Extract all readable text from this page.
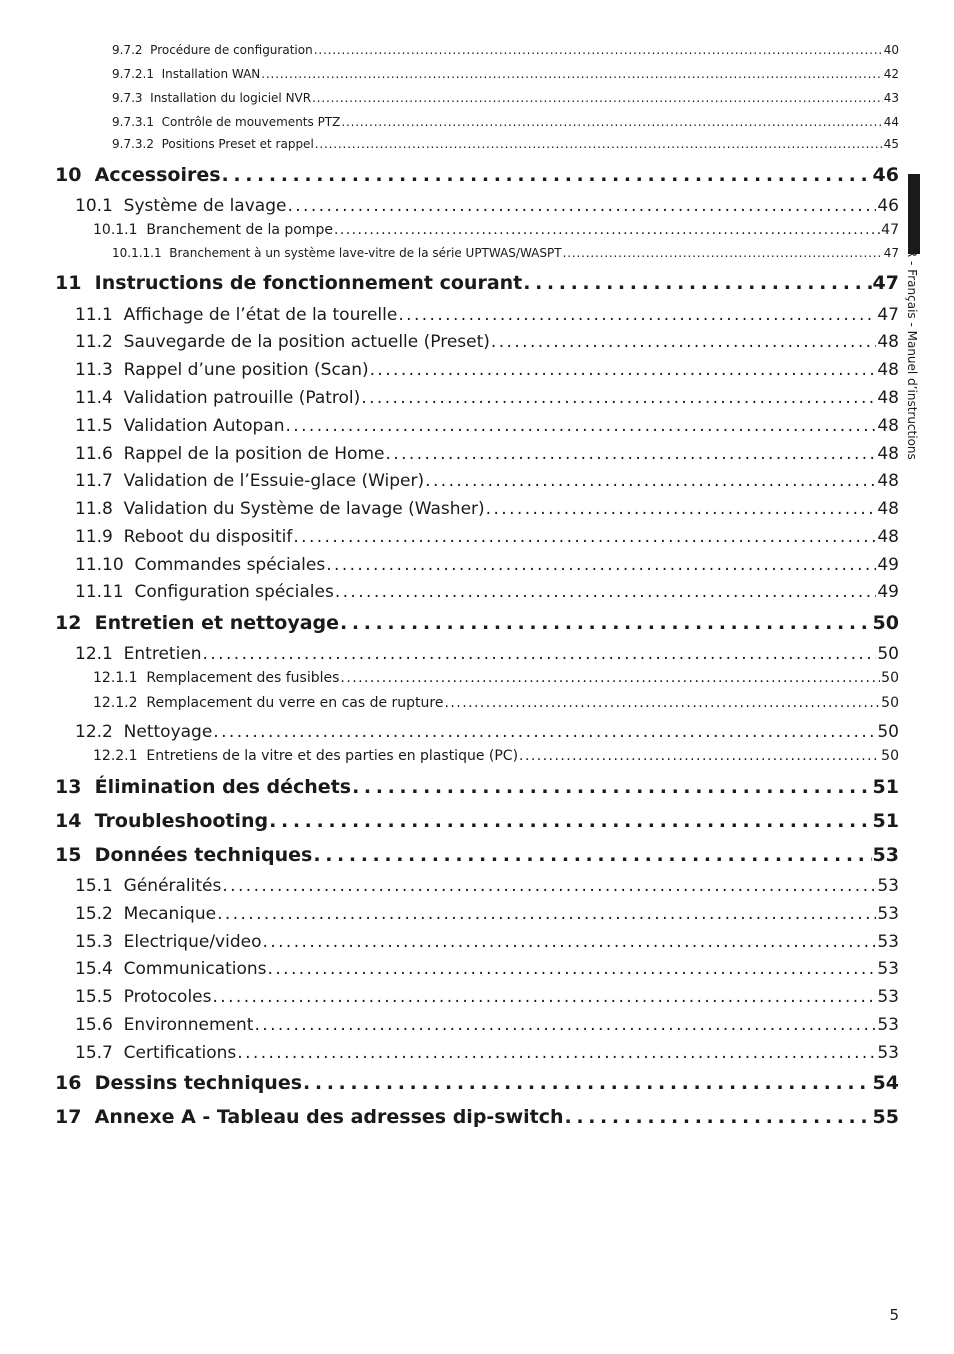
9.7.2  Procédure de configuration . . .	40
9.7.2.1  Installation WAN . . .	42
9.7.3  Installation du logiciel NVR . . .	43
9.7.3.1  Contrôle de mouvements PTZ . . .	44
9.7.3.2  Positions Preset et rappel . . .	45
10  Accessoires . . .	46
10.1  Système de lavage . . .	46
10.1.1  Branchement de la pompe . . .	47
10.1.1.1  Branchement à un système lave-vitre de la série UPTWAS/WASPT . . .	47
11  Instructions de fonctionnement courant . . .	47
11.1  Affichage de l’état de la tourelle . . .	47
11.2  Sauvegarde de la position actuelle (Preset) . . .	48
11.3  Rappel d’une position (Scan) . . .	48
11.4  Validation patrouille (Patrol) . . .	48
11.5  Validation Autopan . . .	48
11.6  Rappel de la position de Home . . .	48
11.7  Validation de l’Essuie-glace (Wiper) . . .	48
11.8  Validation du Système de lavage (Washer) . . .	48
11.9  Reboot du dispositif . . .	48
11.10  Commandes spéciales . . .	49
11.11  Configuration spéciales . . .	49
12  Entretien et nettoyage . . .	50
12.1  Entretien . . .	50
12.1.1  Remplacement des fusibles . . .	50
12.1.2  Remplacement du verre en cas de rupture . . .	50
12.2  Nettoyage . . .	50
12.2.1  Entretiens de la vitre et des parties en plastique (PC) . . .	50
13  Élimination des déchets . . .	51
14  Troubleshooting . . .	51
15  Données techniques . . .	53
15.1  Généralités . . .	53
15.2  Mecanique . . .	53
15.3  Electrique/video . . .	53
15.4  Communications . . .	53
15.5  Protocoles . . .	53
15.6  Environnement . . .	53
15.7  Certifications . . .	53
16  Dessins techniques . . .	54
17  Annexe A - Tableau des adresses dip-switch . . .	55
FR - Français - Manuel d’instructions
5
